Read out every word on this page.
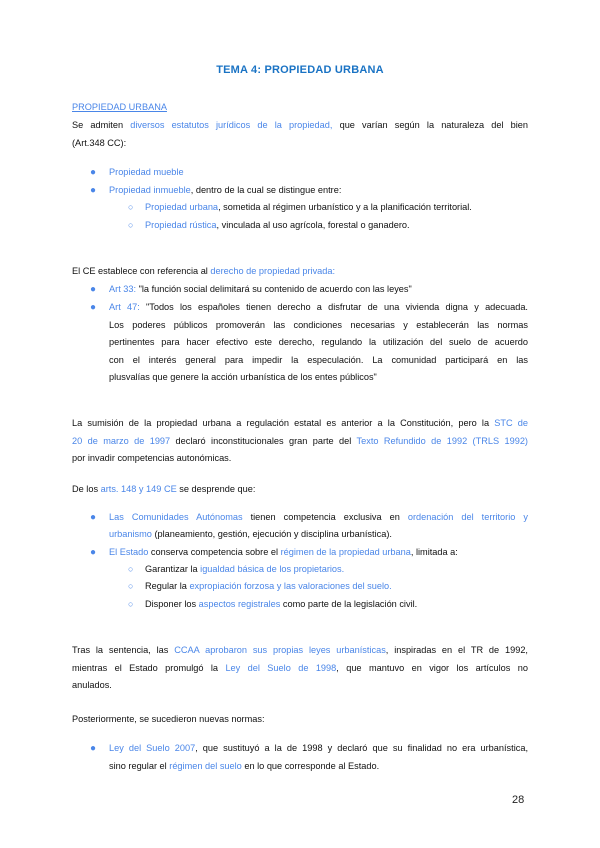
TEMA 4: PROPIEDAD URBANA
PROPIEDAD URBANA
Se admiten diversos estatutos jurídicos de la propiedad, que varían según la naturaleza del bien
(Art.348 CC):
● Propiedad mueble
● Propiedad inmueble, dentro de la cual se distingue entre:
○ Propiedad urbana, sometida al régimen urbanístico y a la planificación territorial.
○ Propiedad rústica, vinculada al uso agrícola, forestal o ganadero.
El CE establece con referencia al derecho de propiedad privada:
● Art 33: "la función social delimitará su contenido de acuerdo con las leyes"
● Art 47: "Todos los españoles tienen derecho a disfrutar de una vivienda digna y adecuada.
Los poderes públicos promoverán las condiciones necesarias y establecerán las normas
pertinentes para hacer efectivo este derecho, regulando la utilización del suelo de acuerdo
con el interés general para impedir la especulación. La comunidad participará en las
plusvalías que genere la acción urbanística de los entes públicos"
La sumisión de la propiedad urbana a regulación estatal es anterior a la Constitución, pero la STC de
20 de marzo de 1997 declaró inconstitucionales gran parte del Texto Refundido de 1992 (TRLS 1992)
por invadir competencias autonómicas.
De los arts. 148 y 149 CE se desprende que:
● Las Comunidades Autónomas tienen competencia exclusiva en ordenación del territorio y
urbanismo (planeamiento, gestión, ejecución y disciplina urbanística).
● El Estado conserva competencia sobre el régimen de la propiedad urbana, limitada a:
○ Garantizar la igualdad básica de los propietarios.
○ Regular la expropiación forzosa y las valoraciones del suelo.
○ Disponer los aspectos registrales como parte de la legislación civil.
Tras la sentencia, las CCAA aprobaron sus propias leyes urbanísticas, inspiradas en el TR de 1992,
mientras el Estado promulgó la Ley del Suelo de 1998, que mantuvo en vigor los artículos no
anulados.
Posteriormente, se sucedieron nuevas normas:
● Ley del Suelo 2007, que sustituyó a la de 1998 y declaró que su finalidad no era urbanística,
sino regular el régimen del suelo en lo que corresponde al Estado.
28
